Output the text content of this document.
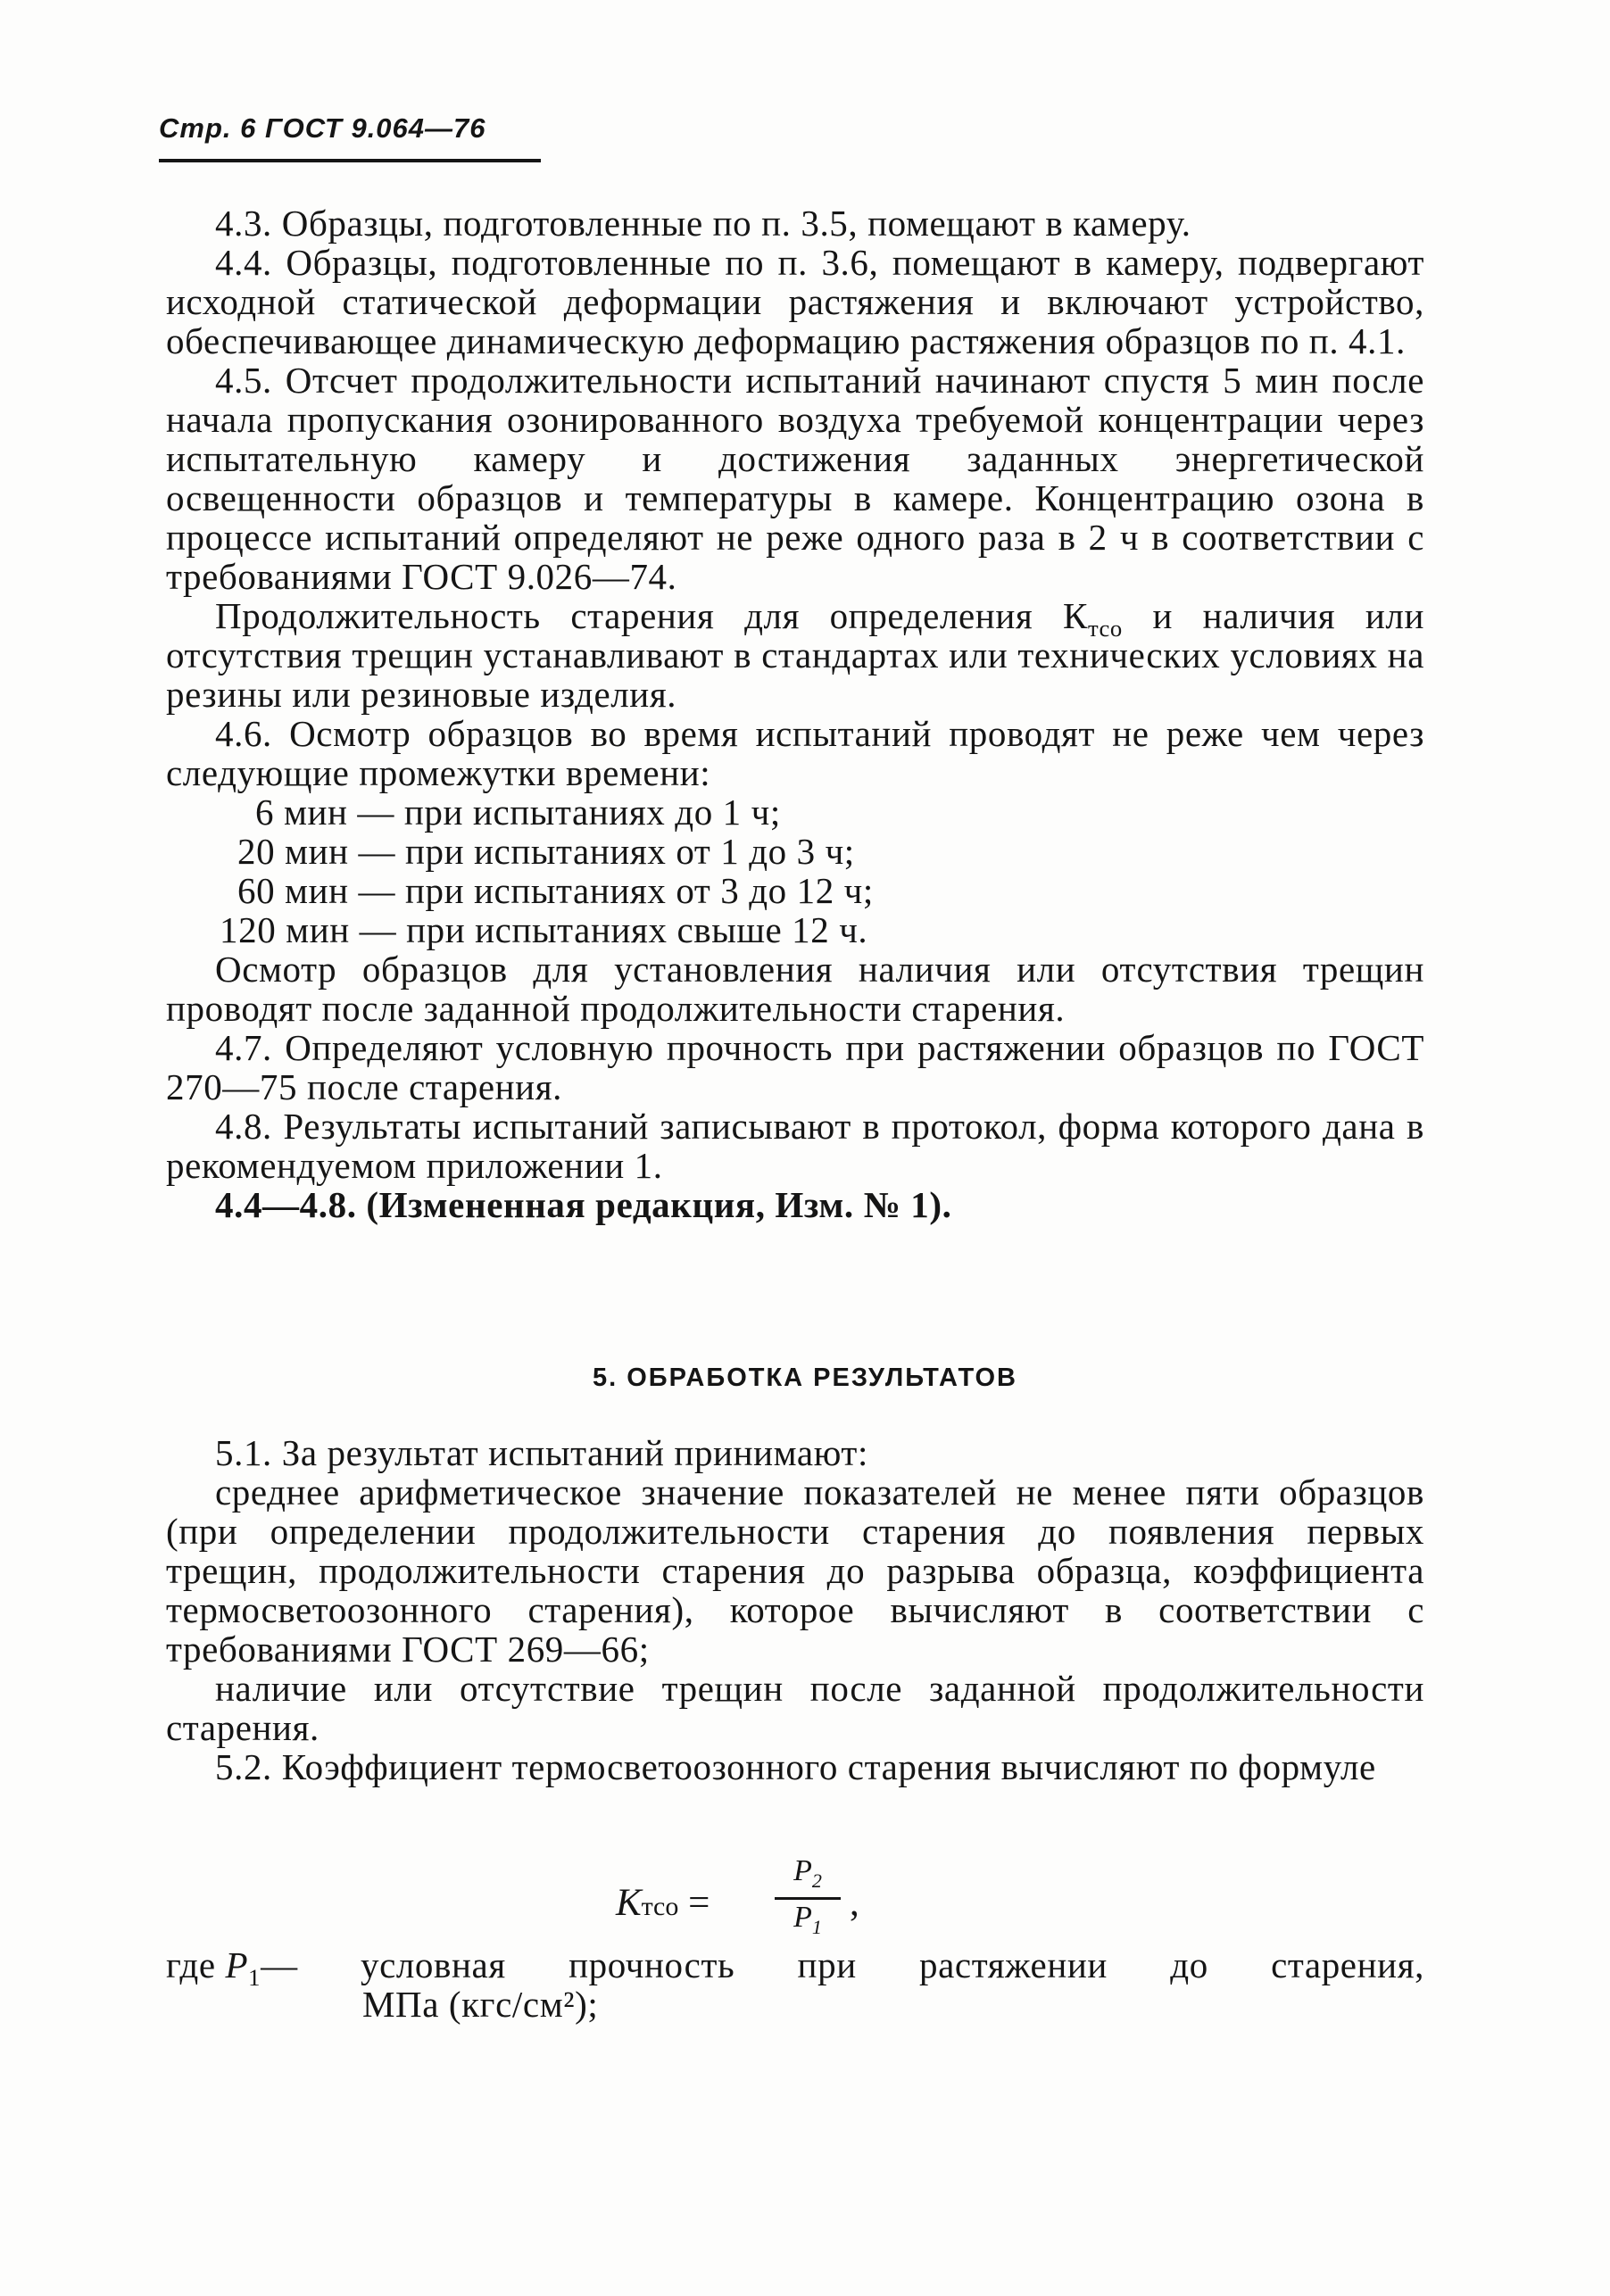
Стр. 6 ГОСТ 9.064—76

4.3. Образцы, подготовленные по п. 3.5, помещают в камеру.

4.4. Образцы, подготовленные по п. 3.6, помещают в камеру, подвергают исходной статической деформации растяжения и включают устройство, обеспечивающее динамическую деформацию растяжения образцов по п. 4.1.

4.5. Отсчет продолжительности испытаний начинают спустя 5 мин после начала пропускания озонированного воздуха требуемой концентрации через испытательную камеру и достижения заданных энергетической освещенности образцов и температуры в камере. Концентрацию озона в процессе испытаний определяют не реже одного раза в 2 ч в соответствии с требованиями ГОСТ 9.026—74.

Продолжительность старения для определения $К_{тсо}$ и наличия или отсутствия трещин устанавливают в стандартах или технических условиях на резины или резиновые изделия.

4.6. Осмотр образцов во время испытаний проводят не реже чем через следующие промежутки времени:

6 мин — при испытаниях до 1 ч;

20 мин — при испытаниях от 1 до 3 ч;

60 мин — при испытаниях от 3 до 12 ч;

120 мин — при испытаниях свыше 12 ч.

Осмотр образцов для установления наличия или отсутствия трещин проводят после заданной продолжительности старения.

4.7. Определяют условную прочность при растяжении образцов по ГОСТ 270—75 после старения.

4.8. Результаты испытаний записывают в протокол, форма которого дана в рекомендуемом приложении 1.

4.4—4.8. (Измененная редакция, Изм. № 1).

5. ОБРАБОТКА РЕЗУЛЬТАТОВ

5.1. За результат испытаний принимают:

среднее арифметическое значение показателей не менее пяти образцов (при определении продолжительности старения до появления первых трещин, продолжительности старения до разрыва образца, коэффициента термосветоозонного старения), которое вычисляют в соответствии с требованиями ГОСТ 269—66;

наличие или отсутствие трещин после заданной продолжительности старения.

5.2. Коэффициент термосветоозонного старения вычисляют по формуле

Ктсо =
$P_2$
$P_1$
,
где $P_1—$ условная прочность при растяжении до старения,
МПа (кгс/см²);
